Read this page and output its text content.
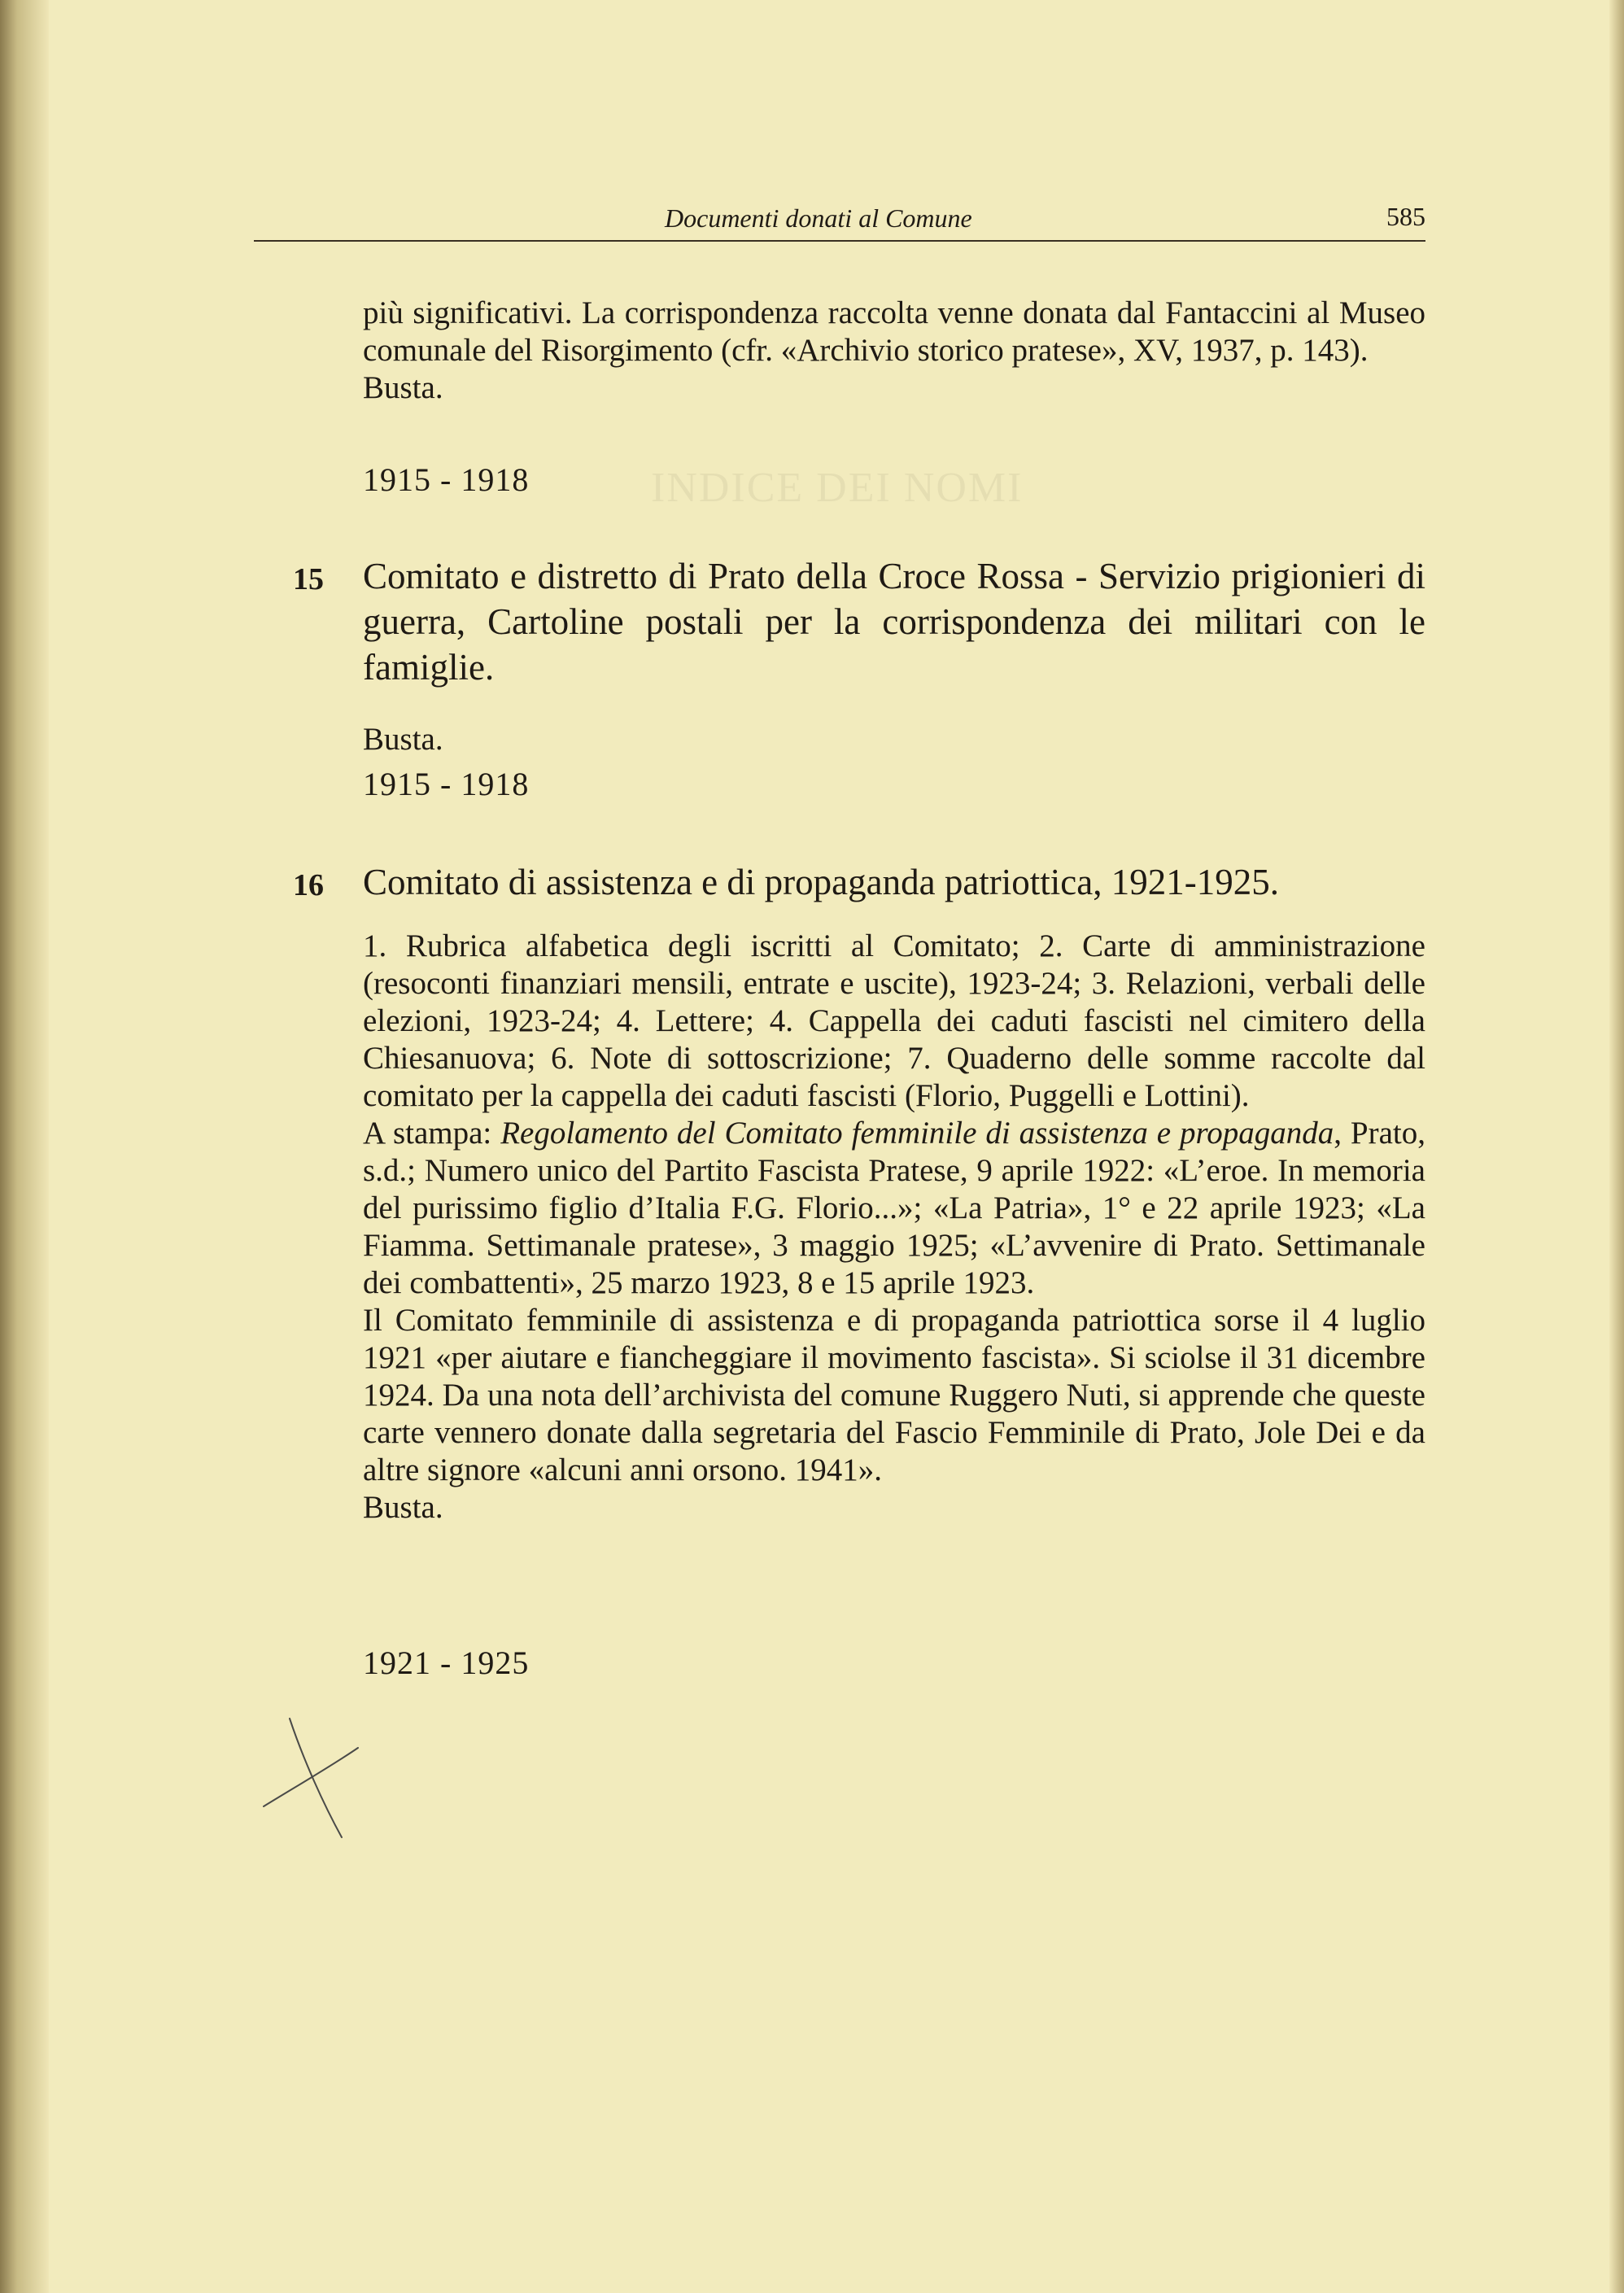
INDICE DEI NOMI
Documenti donati al Comune	585

più significativi. La corrispondenza raccolta venne donata dal Fantaccini al Museo comunale del Risorgimento (cfr. «Archivio storico pratese», XV, 1937, p. 143).

Busta.

1915 - 1918
15 Comitato e distretto di Prato della Croce Rossa - Servizio prigionieri di guerra, Cartoline postali per la corrispondenza dei militari con le famiglie.

Busta.

1915 - 1918
16 Comitato di assistenza e di propaganda patriottica, 1921-1925.

1. Rubrica alfabetica degli iscritti al Comitato; 2. Carte di amministrazione (resoconti finanziari mensili, entrate e uscite), 1923-24; 3. Relazioni, verbali delle elezioni, 1923-24; 4. Lettere; 4. Cappella dei caduti fascisti nel cimitero della Chiesanuova; 6. Note di sottoscrizione; 7. Quaderno delle somme raccolte dal comitato per la cappella dei caduti fascisti (Florio, Puggelli e Lottini).

A stampa: Regolamento del Comitato femminile di assistenza e propaganda, Prato, s.d.; Numero unico del Partito Fascista Pratese, 9 aprile 1922: «L’eroe. In memoria del purissimo figlio d’Italia F.G. Florio...»; «La Patria», 1° e 22 aprile 1923; «La Fiamma. Settimanale pratese», 3 maggio 1925; «L’avvenire di Prato. Settimanale dei combattenti», 25 marzo 1923, 8 e 15 aprile 1923.

Il Comitato femminile di assistenza e di propaganda patriottica sorse il 4 luglio 1921 «per aiutare e fiancheggiare il movimento fascista». Si sciolse il 31 dicembre 1924. Da una nota dell’archivista del comune Ruggero Nuti, si apprende che queste carte vennero donate dalla segretaria del Fascio Femminile di Prato, Jole Dei e da altre signore «alcuni anni orsono. 1941».

Busta.

1921 - 1925
